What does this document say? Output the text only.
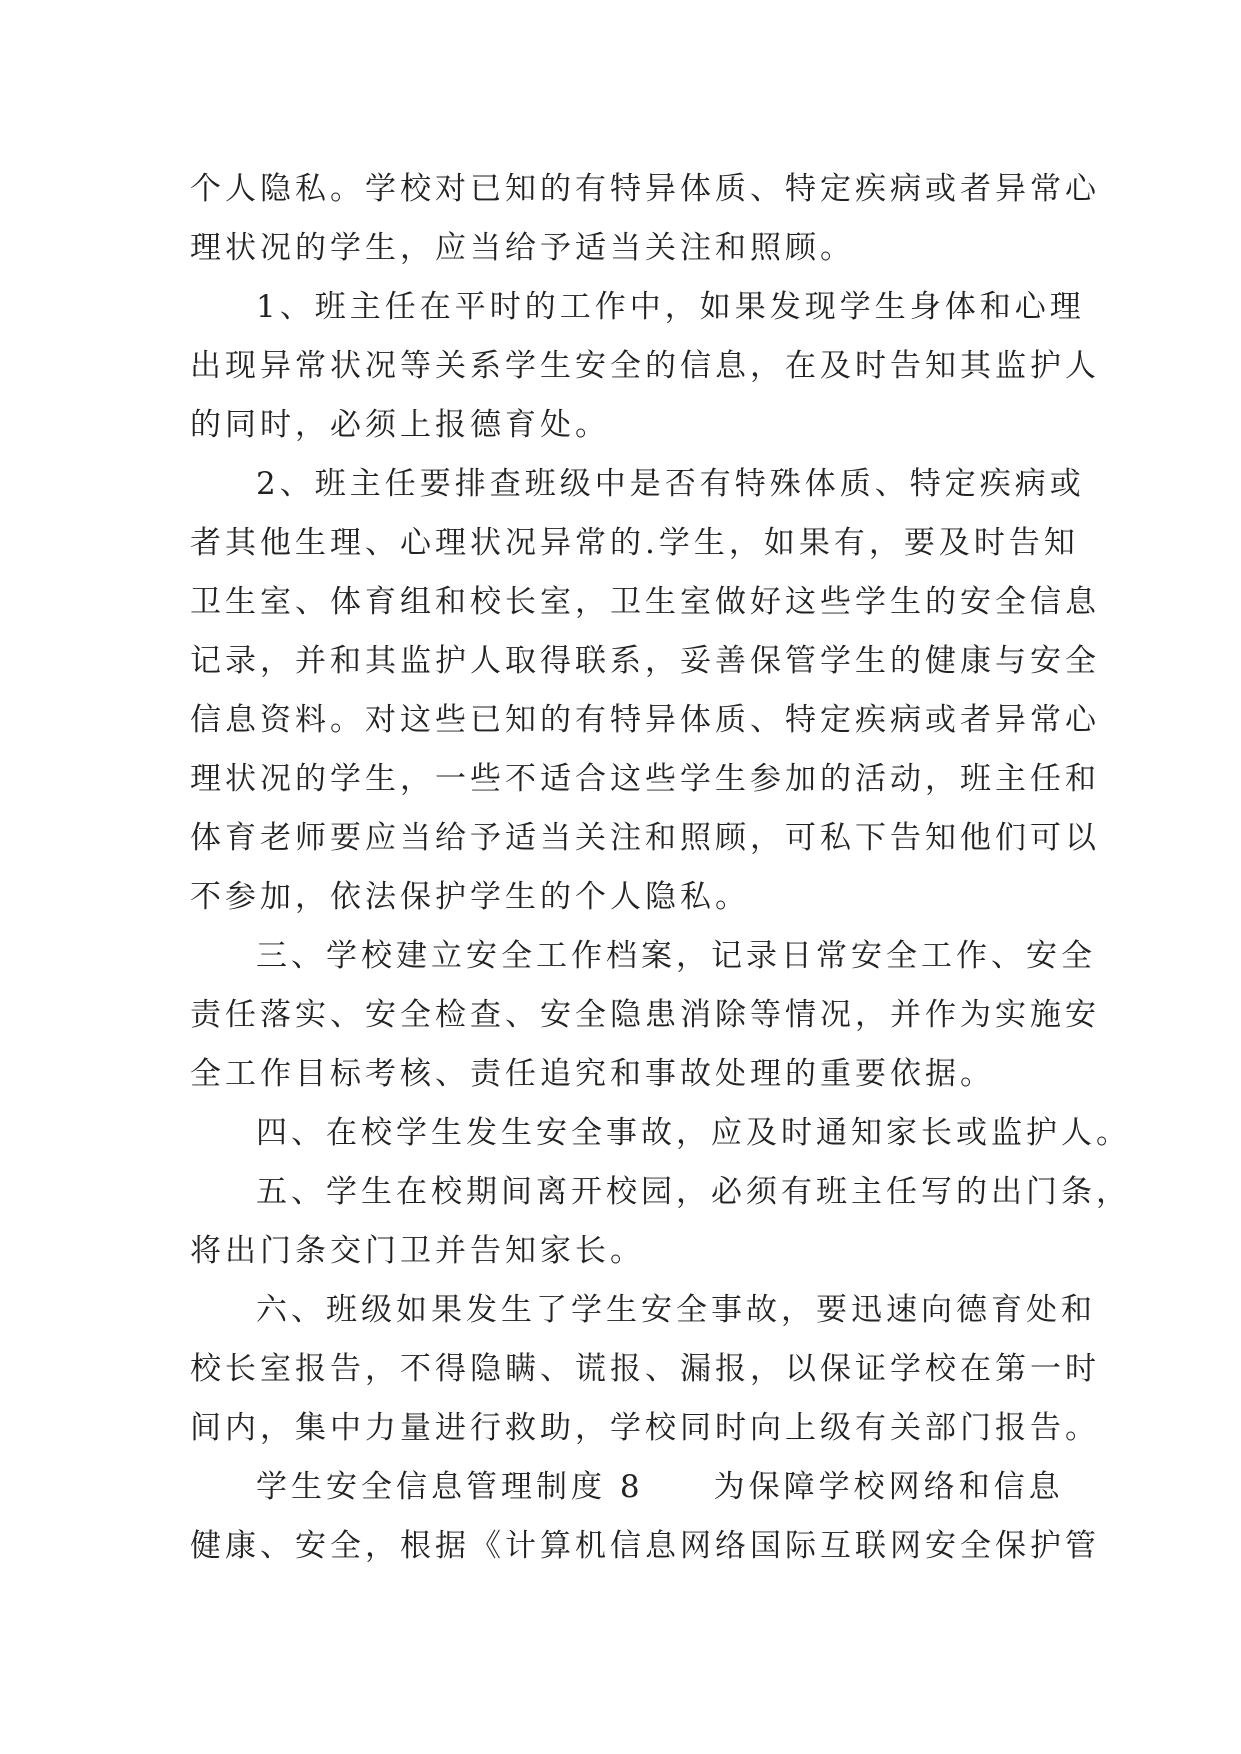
个人隐私。学校对已知的有特异体质、特定疾病或者异常心
理状况的学生，应当给予适当关注和照顾。
1、班主任在平时的工作中，如果发现学生身体和心理
出现异常状况等关系学生安全的信息，在及时告知其监护人
的同时，必须上报德育处。
2、班主任要排查班级中是否有特殊体质、特定疾病或
者其他生理、心理状况异常的.学生，如果有，要及时告知
卫生室、体育组和校长室，卫生室做好这些学生的安全信息
记录，并和其监护人取得联系，妥善保管学生的健康与安全
信息资料。对这些已知的有特异体质、特定疾病或者异常心
理状况的学生，一些不适合这些学生参加的活动，班主任和
体育老师要应当给予适当关注和照顾，可私下告知他们可以
不参加，依法保护学生的个人隐私。
三、学校建立安全工作档案，记录日常安全工作、安全
责任落实、安全检查、安全隐患消除等情况，并作为实施安
全工作目标考核、责任追究和事故处理的重要依据。
四、在校学生发生安全事故，应及时通知家长或监护人。
五、学生在校期间离开校园，必须有班主任写的出门条，
将出门条交门卫并告知家长。
六、班级如果发生了学生安全事故，要迅速向德育处和
校长室报告，不得隐瞒、谎报、漏报，以保证学校在第一时
间内，集中力量进行救助，学校同时向上级有关部门报告。
学生安全信息管理制度 8　　为保障学校网络和信息
健康、安全，根据《计算机信息网络国际互联网安全保护管
